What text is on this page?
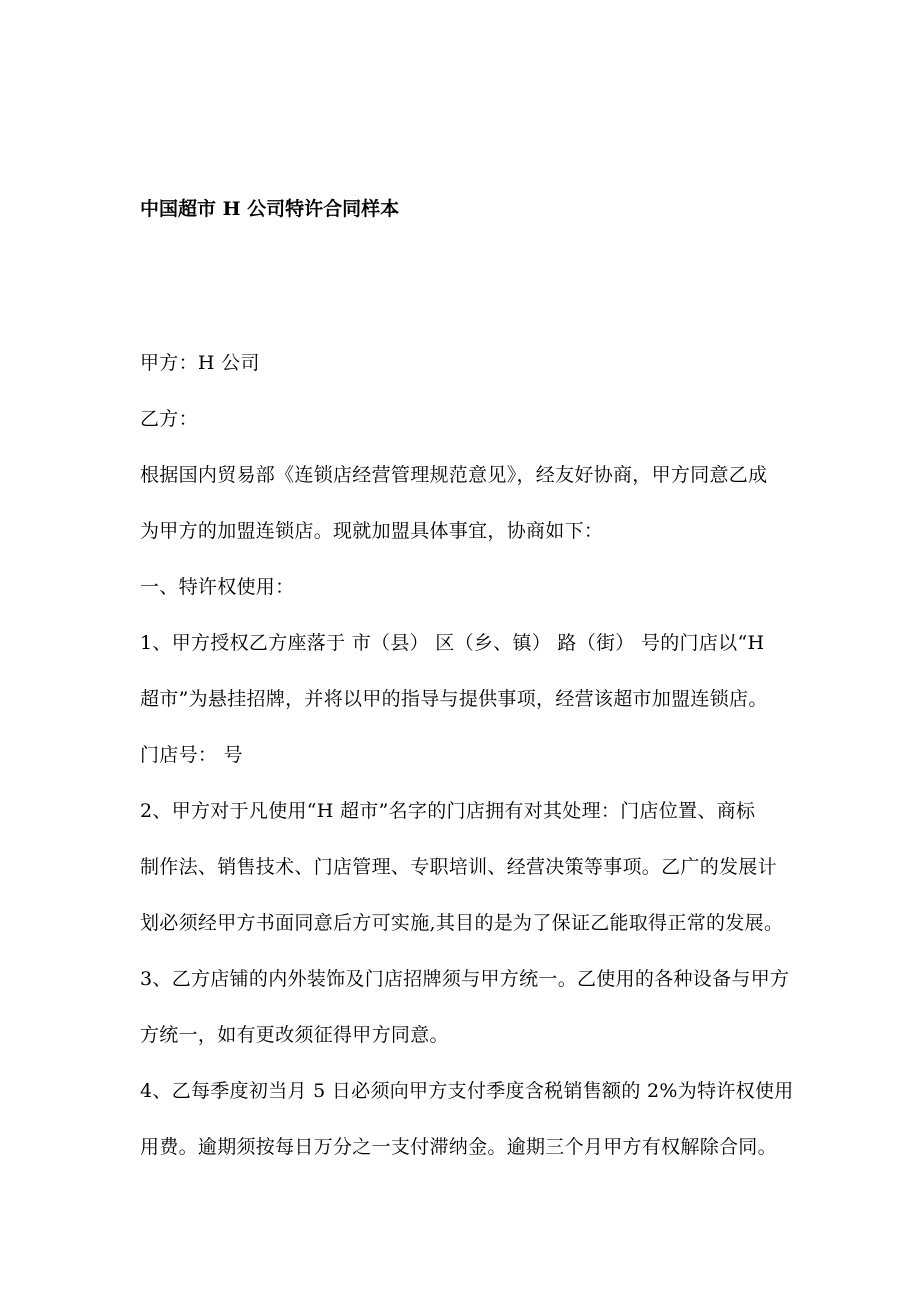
中国超市 H 公司特许合同样本
甲方：H 公司
乙方：
根据国内贸易部《连锁店经营管理规范意见》，经友好协商，甲方同意乙成
为甲方的加盟连锁店。现就加盟具体事宜，协商如下：
一、特许权使用：
1、甲方授权乙方座落于 市（县） 区（乡、镇） 路（街） 号的门店以“H
超市”为悬挂招牌，并将以甲的指导与提供事项，经营该超市加盟连锁店。
门店号： 号
2、甲方对于凡使用“H 超市”名字的门店拥有对其处理：门店位置、商标
制作法、销售技术、门店管理、专职培训、经营决策等事项。乙广的发展计
划必须经甲方书面同意后方可实施,其目的是为了保证乙能取得正常的发展。
3、乙方店铺的内外装饰及门店招牌须与甲方统一。乙使用的各种设备与甲方
方统一，如有更改须征得甲方同意。
4、乙每季度初当月 5 日必须向甲方支付季度含税销售额的 2%为特许权使用
用费。逾期须按每日万分之一支付滞纳金。逾期三个月甲方有权解除合同。
